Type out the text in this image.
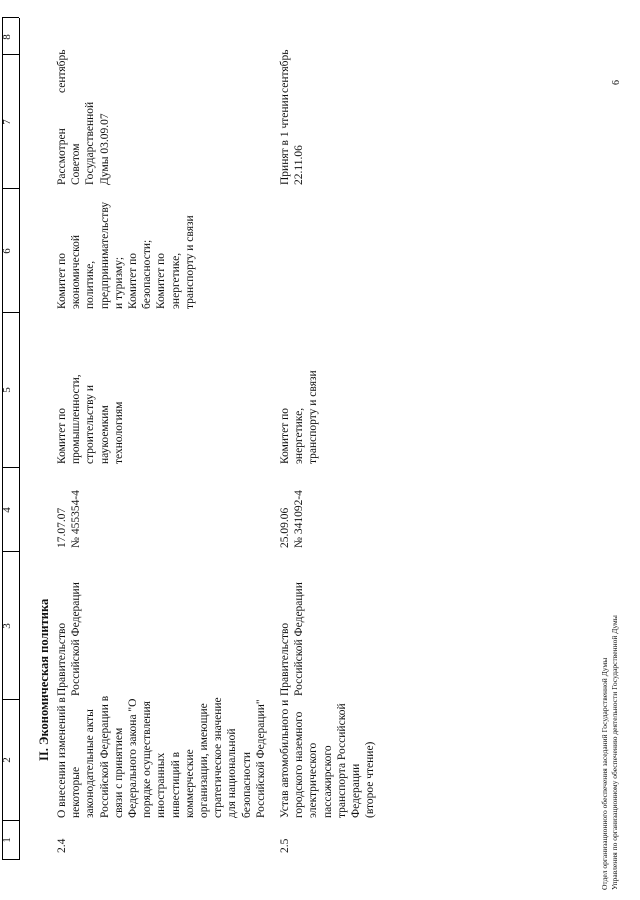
1
2
3
4
5
6
7
8
II. Экономическая политика
2.4
О внесении изменений в
некоторые
законодательные акты
Российской Федерации в
связи с принятием
Федерального закона "О
порядке осуществления
иностранных
инвестиций в
коммерческие
организации, имеющие
стратегическое значение
для национальной
безопасности
Российской Федерации"
Правительство
Российской Федерации
17.07.07
№ 455354-4
Комитет по
промышленности,
строительству и
наукоемким
технологиям
Комитет по
экономической
политике,
предпринимательству
и туризму;
Комитет по
безопасности;
Комитет по
энергетике,
транспорту и связи
Рассмотрен
Советом
Государственной
Думы 03.09.07
сентябрь
2.5
Устав автомобильного и
городского наземного
электрического
пассажирского
транспорта Российской
Федерации
(второе чтение)
Правительство
Российской Федерации
25.09.06
№ 341092-4
Комитет по
энергетике,
транспорту и связи
Принят в 1 чтении
22.11.06
сентябрь
Отдел организационного обеспечения заседаний Государственной Думы Управления по организационному обеспечению деятельности Государственной Думы
6
